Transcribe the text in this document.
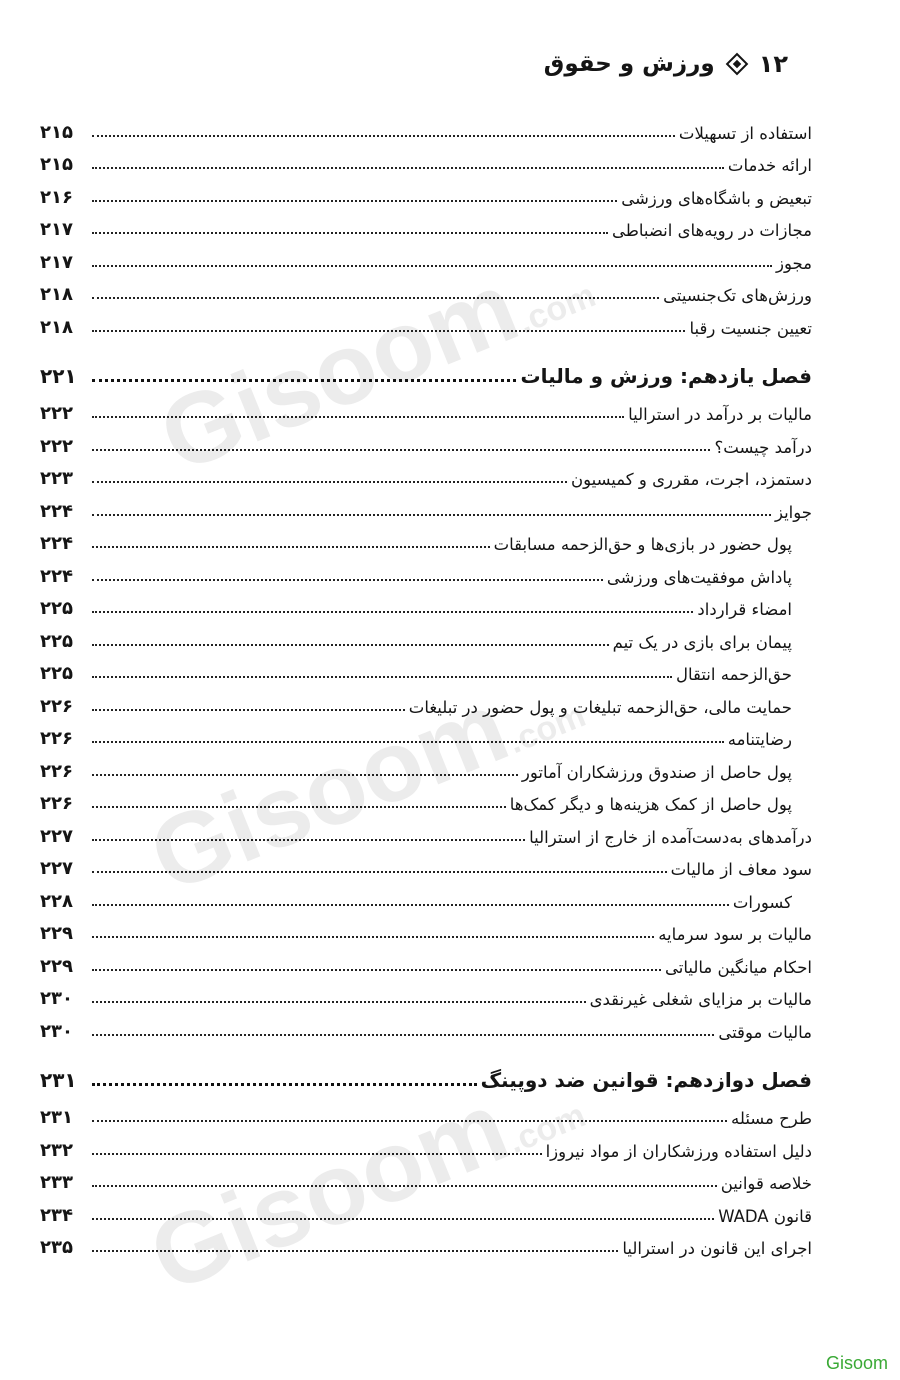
Gisoom.com
Gisoom.com
Gisoom.com
۱۲
ورزش و حقوق
استفاده از تسهیلات
۲۱۵
ارائه خدمات
۲۱۵
تبعیض و باشگاه‌های ورزشی
۲۱۶
مجازات در رویه‌های انضباطی
۲۱۷
مجوز
۲۱۷
ورزش‌های تک‌جنسیتی
۲۱۸
تعیین جنسیت رقبا
۲۱۸
فصل یازدهم: ورزش و مالیات
۲۲۱
مالیات بر درآمد در استرالیا
۲۲۲
درآمد چیست؟
۲۲۲
دستمزد، اجرت، مقرری و کمیسیون
۲۲۳
جوایز
۲۲۴
پول حضور در بازی‌ها و حق‌الزحمه مسابقات
۲۲۴
پاداش موفقیت‌های ورزشی
۲۲۴
امضاء قرارداد
۲۲۵
پیمان برای بازی در یک تیم
۲۲۵
حق‌الزحمه انتقال
۲۲۵
حمایت مالی، حق‌الزحمه تبلیغات و پول حضور در تبلیغات
۲۲۶
رضایتنامه
۲۲۶
پول حاصل از صندوق ورزشکاران آماتور
۲۲۶
پول حاصل از کمک هزینه‌ها و دیگر کمک‌ها
۲۲۶
درآمدهای به‌دست‌آمده از خارج از استرالیا
۲۲۷
سود معاف از مالیات
۲۲۷
کسورات
۲۲۸
مالیات بر سود سرمایه
۲۲۹
احکام میانگین مالیاتی
۲۲۹
مالیات بر مزایای شغلی غیرنقدی
۲۳۰
مالیات موقتی
۲۳۰
فصل دوازدهم: قوانین ضد دوپینگ
۲۳۱
طرح مسئله
۲۳۱
دلیل استفاده ورزشکاران از مواد نیروزا
۲۳۲
خلاصه قوانین
۲۳۳
قانون WADA
۲۳۴
اجرای این قانون در استرالیا
۲۳۵
Gisoom
